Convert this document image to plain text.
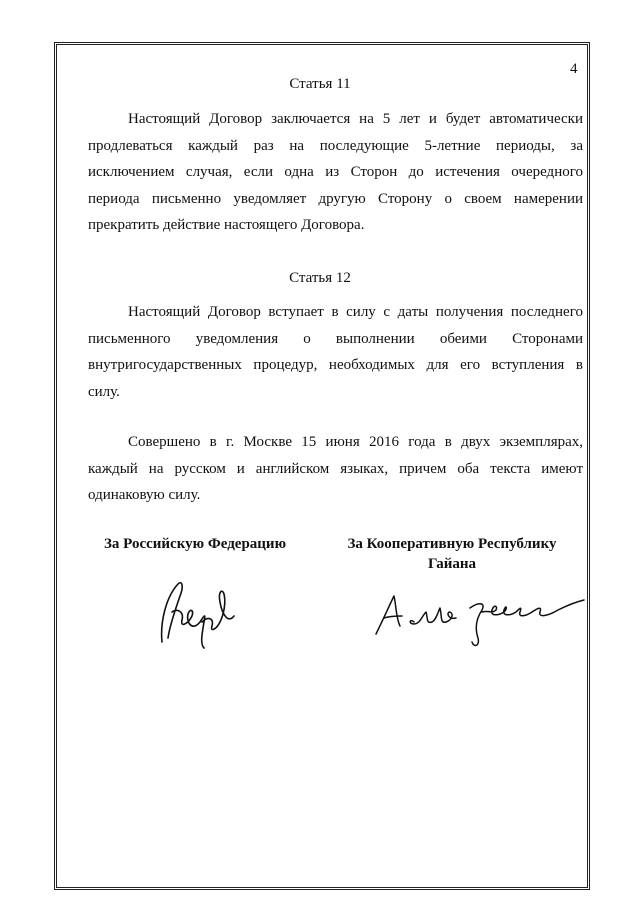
4
Статья 11
Настоящий Договор заключается на 5 лет и будет автоматически
продлеваться каждый раз на последующие 5-летние периоды, за
исключением случая, если одна из Сторон до истечения очередного
периода письменно уведомляет другую Сторону о своем намерении
прекратить действие настоящего Договора.
Статья 12
Настоящий Договор вступает в силу с даты получения последнего
письменного уведомления о выполнении обеими Сторонами
внутригосударственных процедур, необходимых для его вступления в
силу.
Совершено в г. Москве 15 июня 2016 года в двух экземплярах,
каждый на русском и английском языках, причем оба текста имеют
одинаковую силу.
За Российскую Федерацию	За Кооперативную Республику
Гайана
